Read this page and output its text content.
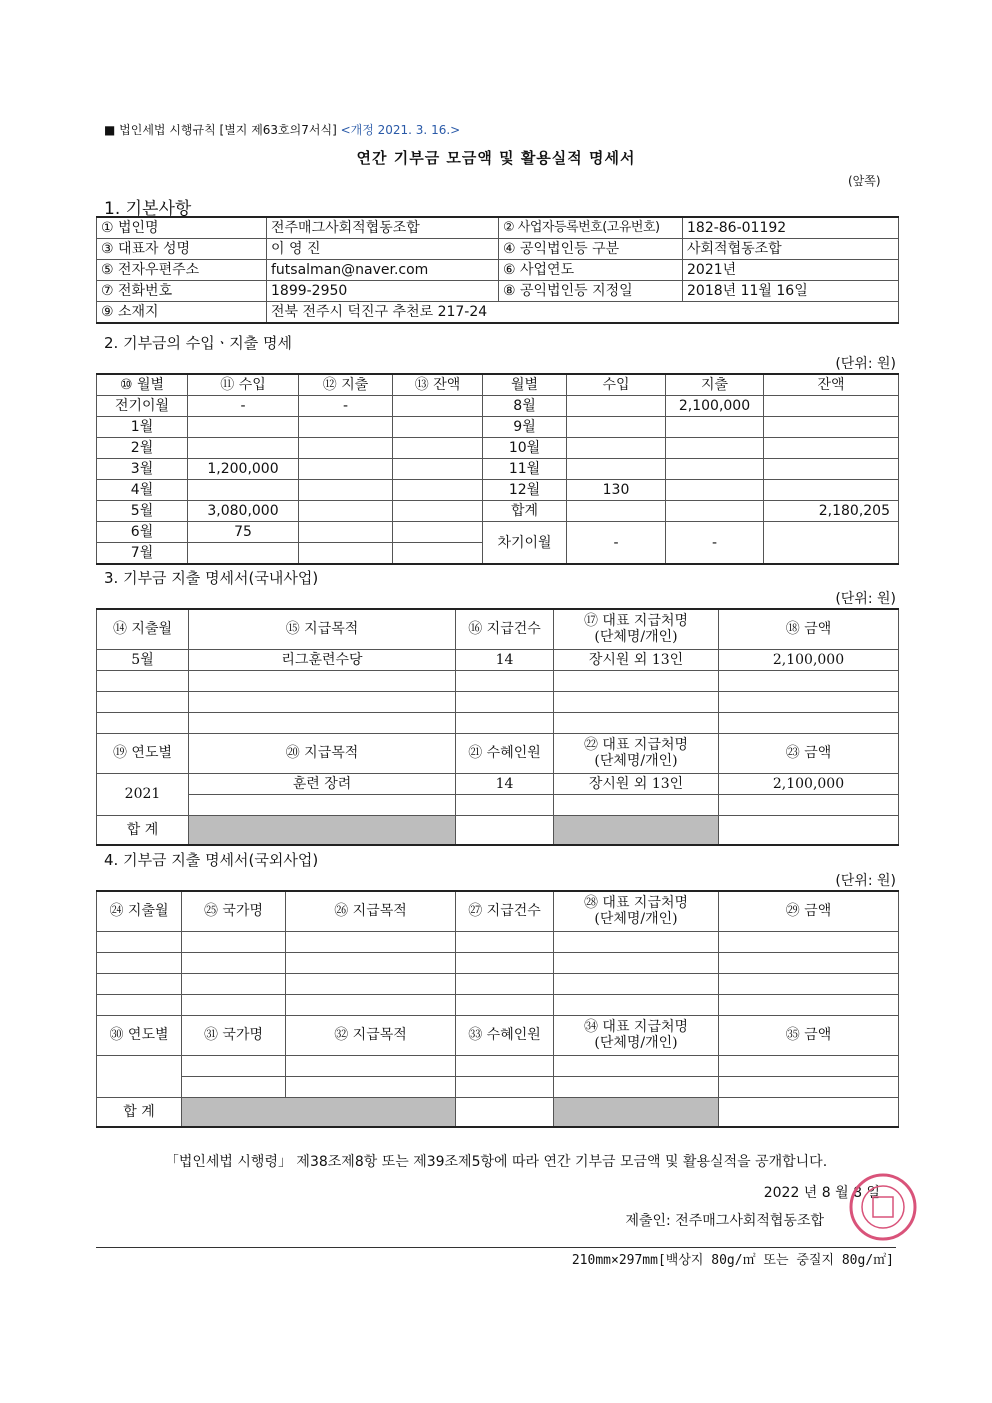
■ 법인세법 시행규칙 [별지 제63호의7서식] <개정 2021. 3. 16.>
연간 기부금 모금액 및 활용실적 명세서
(앞쪽)
1. 기본사항
① 법인명	전주매그사회적협동조합	② 사업자등록번호(고유번호)	182-86-01192
③ 대표자 성명	이 영 진	④ 공익법인등 구분	사회적협동조합
⑤ 전자우편주소	futsalman@naver.com	⑥ 사업연도	2021년
⑦ 전화번호	1899-2950	⑧ 공익법인등 지정일	2018년 11월 16일
⑨ 소재지	전북 전주시 덕진구 추천로 217-24		
2. 기부금의 수입ㆍ지출 명세
(단위: 원)
⑩ 월별	⑪ 수입	⑫ 지출	⑬ 잔액	월별	수입	지출	잔액
전기이월	-	-		8월		2,100,000	
1월				9월			
2월				10월			
3월	1,200,000			11월			
4월				12월	130		
5월	3,080,000			합계			2,180,205
6월	75			차기이월	-	-	
7월							
3. 기부금 지출 명세서(국내사업)
(단위: 원)
⑭ 지출월	⑮ 지급목적	⑯ 지급건수	⑰ 대표 지급처명
(단체명/개인)	⑱ 금액
5월	리그훈련수당	14	장시원 외 13인	2,100,000

⑲ 연도별	⑳ 지급목적	㉑ 수혜인원	㉒ 대표 지급처명
(단체명/개인)	㉓ 금액
2021	훈련 장려	14	장시원 외 13인	2,100,000

합 계				
4. 기부금 지출 명세서(국외사업)
(단위: 원)
㉔ 지출월	㉕ 국가명	㉖ 지급목적	㉗ 지급건수	㉘ 대표 지급처명
(단체명/개인)	㉙ 금액

㉚ 연도별	㉛ 국가명	㉜ 지급목적	㉝ 수혜인원	㉞ 대표 지급처명
(단체명/개인)	㉟ 금액

합 계					
「법인세법 시행령」 제38조제8항 또는 제39조제5항에 따라 연간 기부금 모금액 및 활용실적을 공개합니다.
2022 년 8 월 8 일
제출인: 전주매그사회적협동조합
210mm×297mm[백상지 80g/㎡ 또는 중질지 80g/㎡]
